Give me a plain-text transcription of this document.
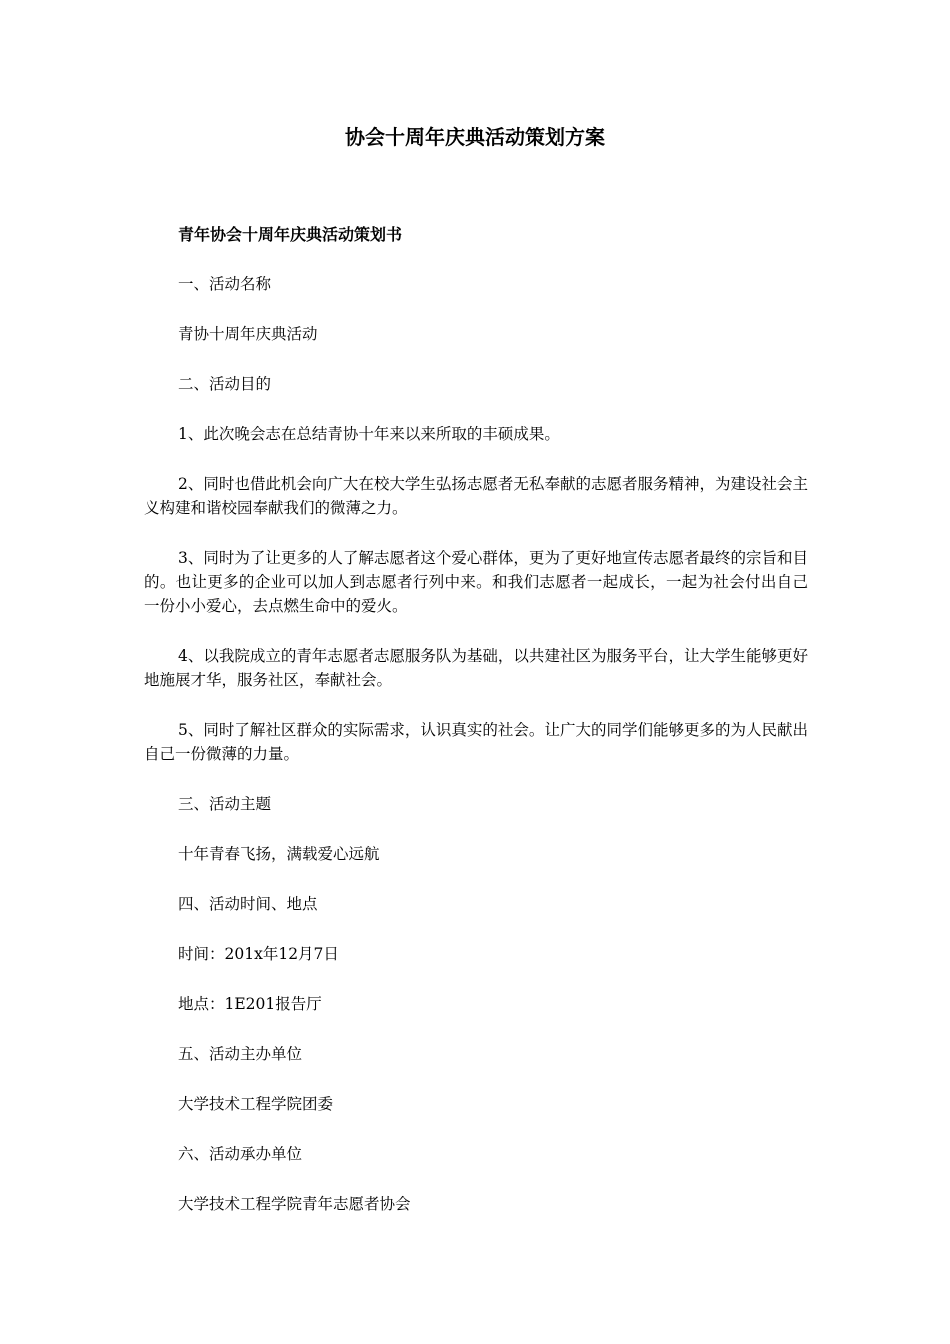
协会十周年庆典活动策划方案

青年协会十周年庆典活动策划书

一、活动名称

青协十周年庆典活动

二、活动目的

1、此次晚会志在总结青协十年来以来所取的丰硕成果。

2、同时也借此机会向广大在校大学生弘扬志愿者无私奉献的志愿者服务精神，为建设社会主义构建和谐校园奉献我们的微薄之力。

3、同时为了让更多的人了解志愿者这个爱心群体，更为了更好地宣传志愿者最终的宗旨和目的。也让更多的企业可以加人到志愿者行列中来。和我们志愿者一起成长，一起为社会付出自己一份小小爱心，去点燃生命中的爱火。

4、以我院成立的青年志愿者志愿服务队为基础，以共建社区为服务平台，让大学生能够更好地施展才华，服务社区，奉献社会。

5、同时了解社区群众的实际需求，认识真实的社会。让广大的同学们能够更多的为人民献出自己一份微薄的力量。

三、活动主题

十年青春飞扬，满载爱心远航

四、活动时间、地点

时间：201x年12月7日

地点：1E201报告厅

五、活动主办单位

大学技术工程学院团委

六、活动承办单位

大学技术工程学院青年志愿者协会
